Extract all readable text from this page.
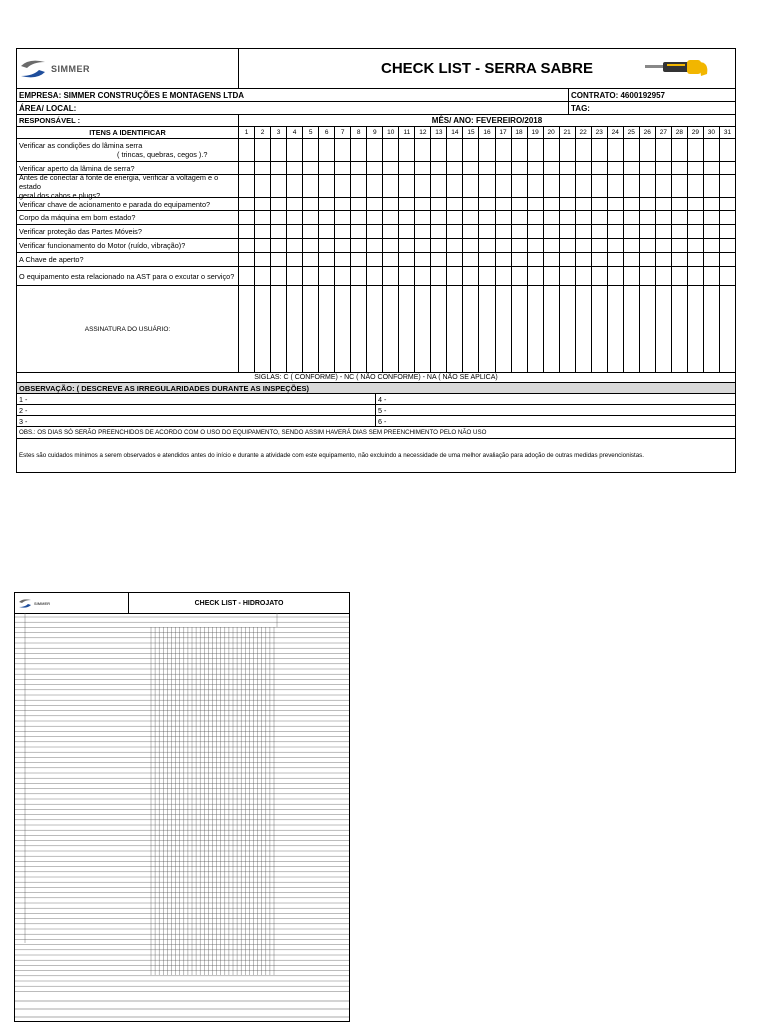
SIMMER	CHECK LIST - SERRA SABRE
EMPRESA: SIMMER CONSTRUÇÕES E MONTAGENS LTDA	CONTRATO: 4600192957
ÁREA/ LOCAL:	TAG:
RESPONSÁVEL :	MÊS/ ANO: FEVEREIRO/2018
ITENS A IDENTIFICAR	1	2	3	4	5	6	7	8	9	10	11	12	13	14	15	16	17	18	19	20	21	22	23	24	25	26	27	28	29	30	31
Verificar as condições do lâmina serra
( trincas, quebras, cegos ).?
Verificar aperto da lâmina de serra?
Antes de conectar à fonte de energia, verificar a voltagem e o estado
geral dos cabos e plugs?
Verificar chave de acionamento e parada do equipamento?
Corpo da máquina em bom estado?
Verificar proteção das Partes Móveis?
Verificar funcionamento do Motor (ruído, vibração)?
A Chave de aperto?
O equipamento esta relacionado na AST para o excutar o serviço?
ASSINATURA DO USUÁRIO:
SIGLAS: C ( CONFORME) - NC ( NÃO CONFORME) - NA ( NÃO SE APLICA)
OBSERVAÇÃO: ( DESCREVE AS IRREGULARIDADES DURANTE AS INSPEÇÕES)
1 -	4 -
2 -	5 -
3 -	6 -
OBS.: OS DIAS SÓ SERÃO PREENCHIDOS DE ACORDO COM O USO DO EQUIPAMENTO, SENDO ASSIM HAVERÁ DIAS SEM PREENCHIMENTO PELO NÃO USO
Estes são cuidados mínimos a serem observados e atendidos antes do início e durante a atividade com este equipamento, não excluindo a necessidade de uma melhor avaliação para adoção de outras medidas prevencionistas.
SIMMER	CHECK LIST - HIDROJATO
